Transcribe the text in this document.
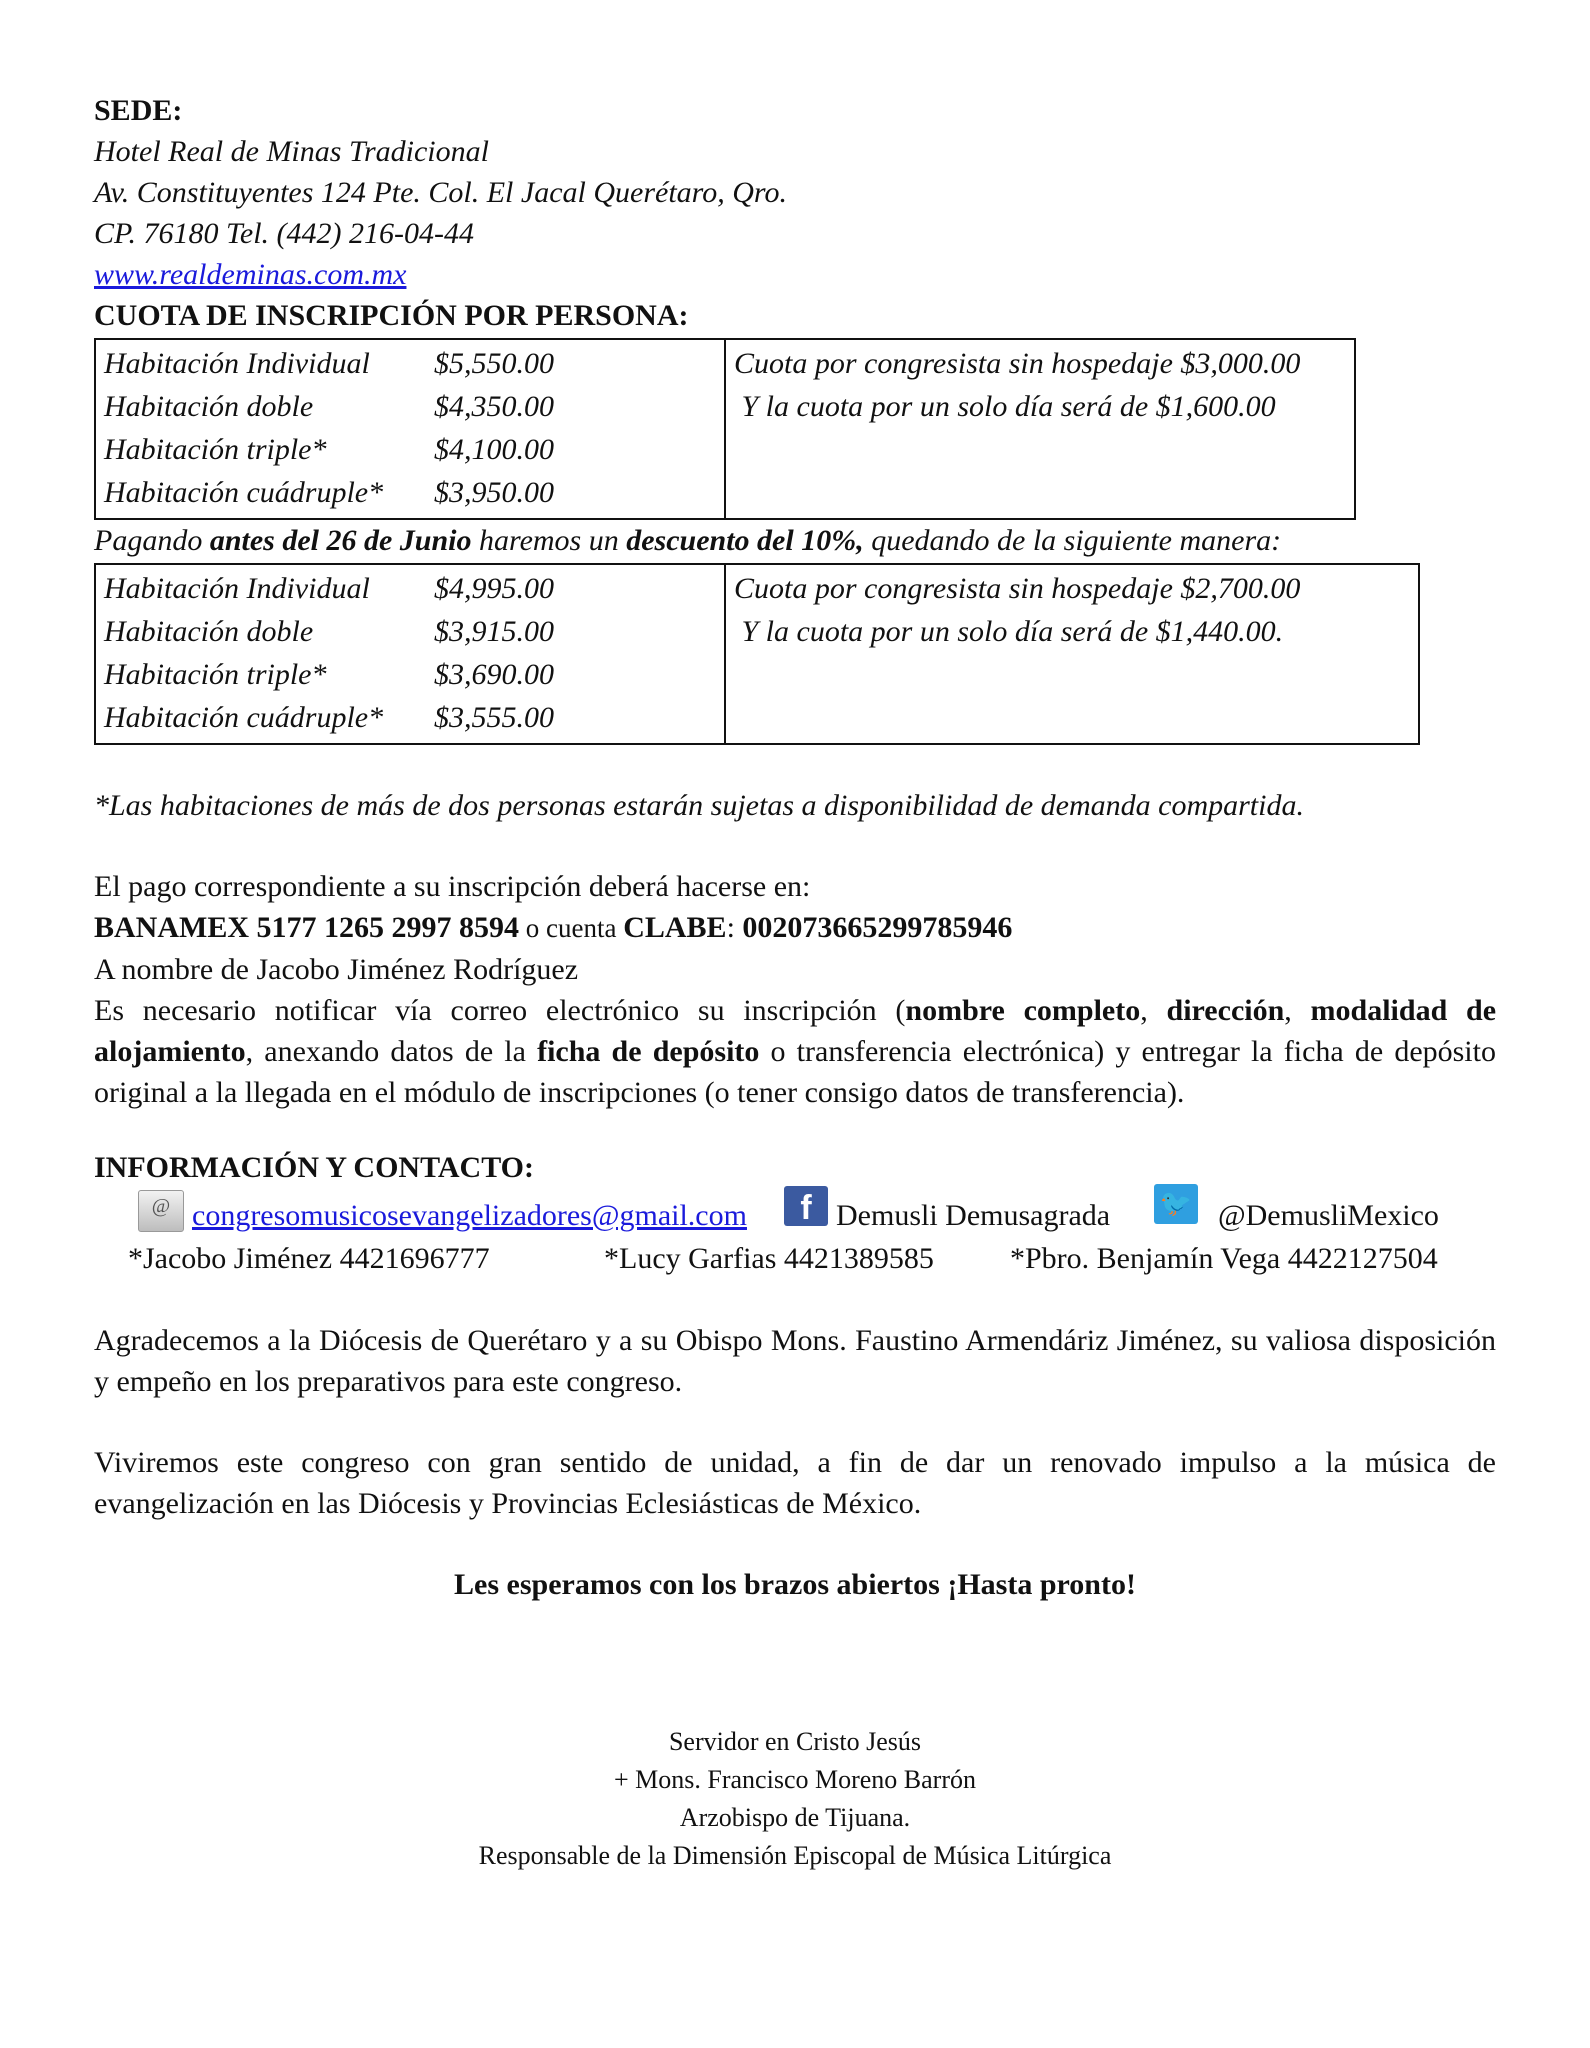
SEDE:
Hotel Real de Minas Tradicional
Av. Constituyentes 124 Pte. Col. El Jacal Querétaro, Qro.
CP. 76180 Tel. (442) 216-04-44
www.realdeminas.com.mx
CUOTA DE INSCRIPCIÓN POR PERSONA:
Habitación Individual	$5,550.00
Habitación doble	$4,350.00
Habitación triple*	$4,100.00
Habitación cuádruple*	$3,950.00

Cuota por congresista sin hospedaje $3,000.00
Y la cuota por un solo día será de $1,600.00
Pagando antes del 26 de Junio haremos un descuento del 10%, quedando de la siguiente manera:
Habitación Individual	$4,995.00
Habitación doble	$3,915.00
Habitación triple*	$3,690.00
Habitación cuádruple*	$3,555.00

Cuota por congresista sin hospedaje $2,700.00
Y la cuota por un solo día será de $1,440.00.
*Las habitaciones de más de dos personas estarán sujetas a disponibilidad de demanda compartida.
El pago correspondiente a su inscripción deberá hacerse en:
BANAMEX 5177 1265 2997 8594 o cuenta CLABE: 002073665299785946
A nombre de Jacobo Jiménez Rodríguez
Es necesario notificar vía correo electrónico su inscripción (nombre completo, dirección, modalidad de alojamiento, anexando datos de la ficha de depósito o transferencia electrónica) y entregar la ficha de depósito original a la llegada en el módulo de inscripciones (o tener consigo datos de transferencia).
INFORMACIÓN Y CONTACTO:
@ congresomusicosevangelizadores@gmail.com	f Demusli Demusagrada 🐦 @DemusliMexico
*Jacobo Jiménez 4421696777	*Lucy Garfias 4421389585	*Pbro. Benjamín Vega 4422127504
Agradecemos a la Diócesis de Querétaro y a su Obispo Mons. Faustino Armendáriz Jiménez, su valiosa disposición y empeño en los preparativos para este congreso.
Viviremos este congreso con gran sentido de unidad, a fin de dar un renovado impulso a la música de evangelización en las Diócesis y Provincias Eclesiásticas de México.
Les esperamos con los brazos abiertos ¡Hasta pronto!
Servidor en Cristo Jesús
+ Mons. Francisco Moreno Barrón
Arzobispo de Tijuana.
Responsable de la Dimensión Episcopal de Música Litúrgica
